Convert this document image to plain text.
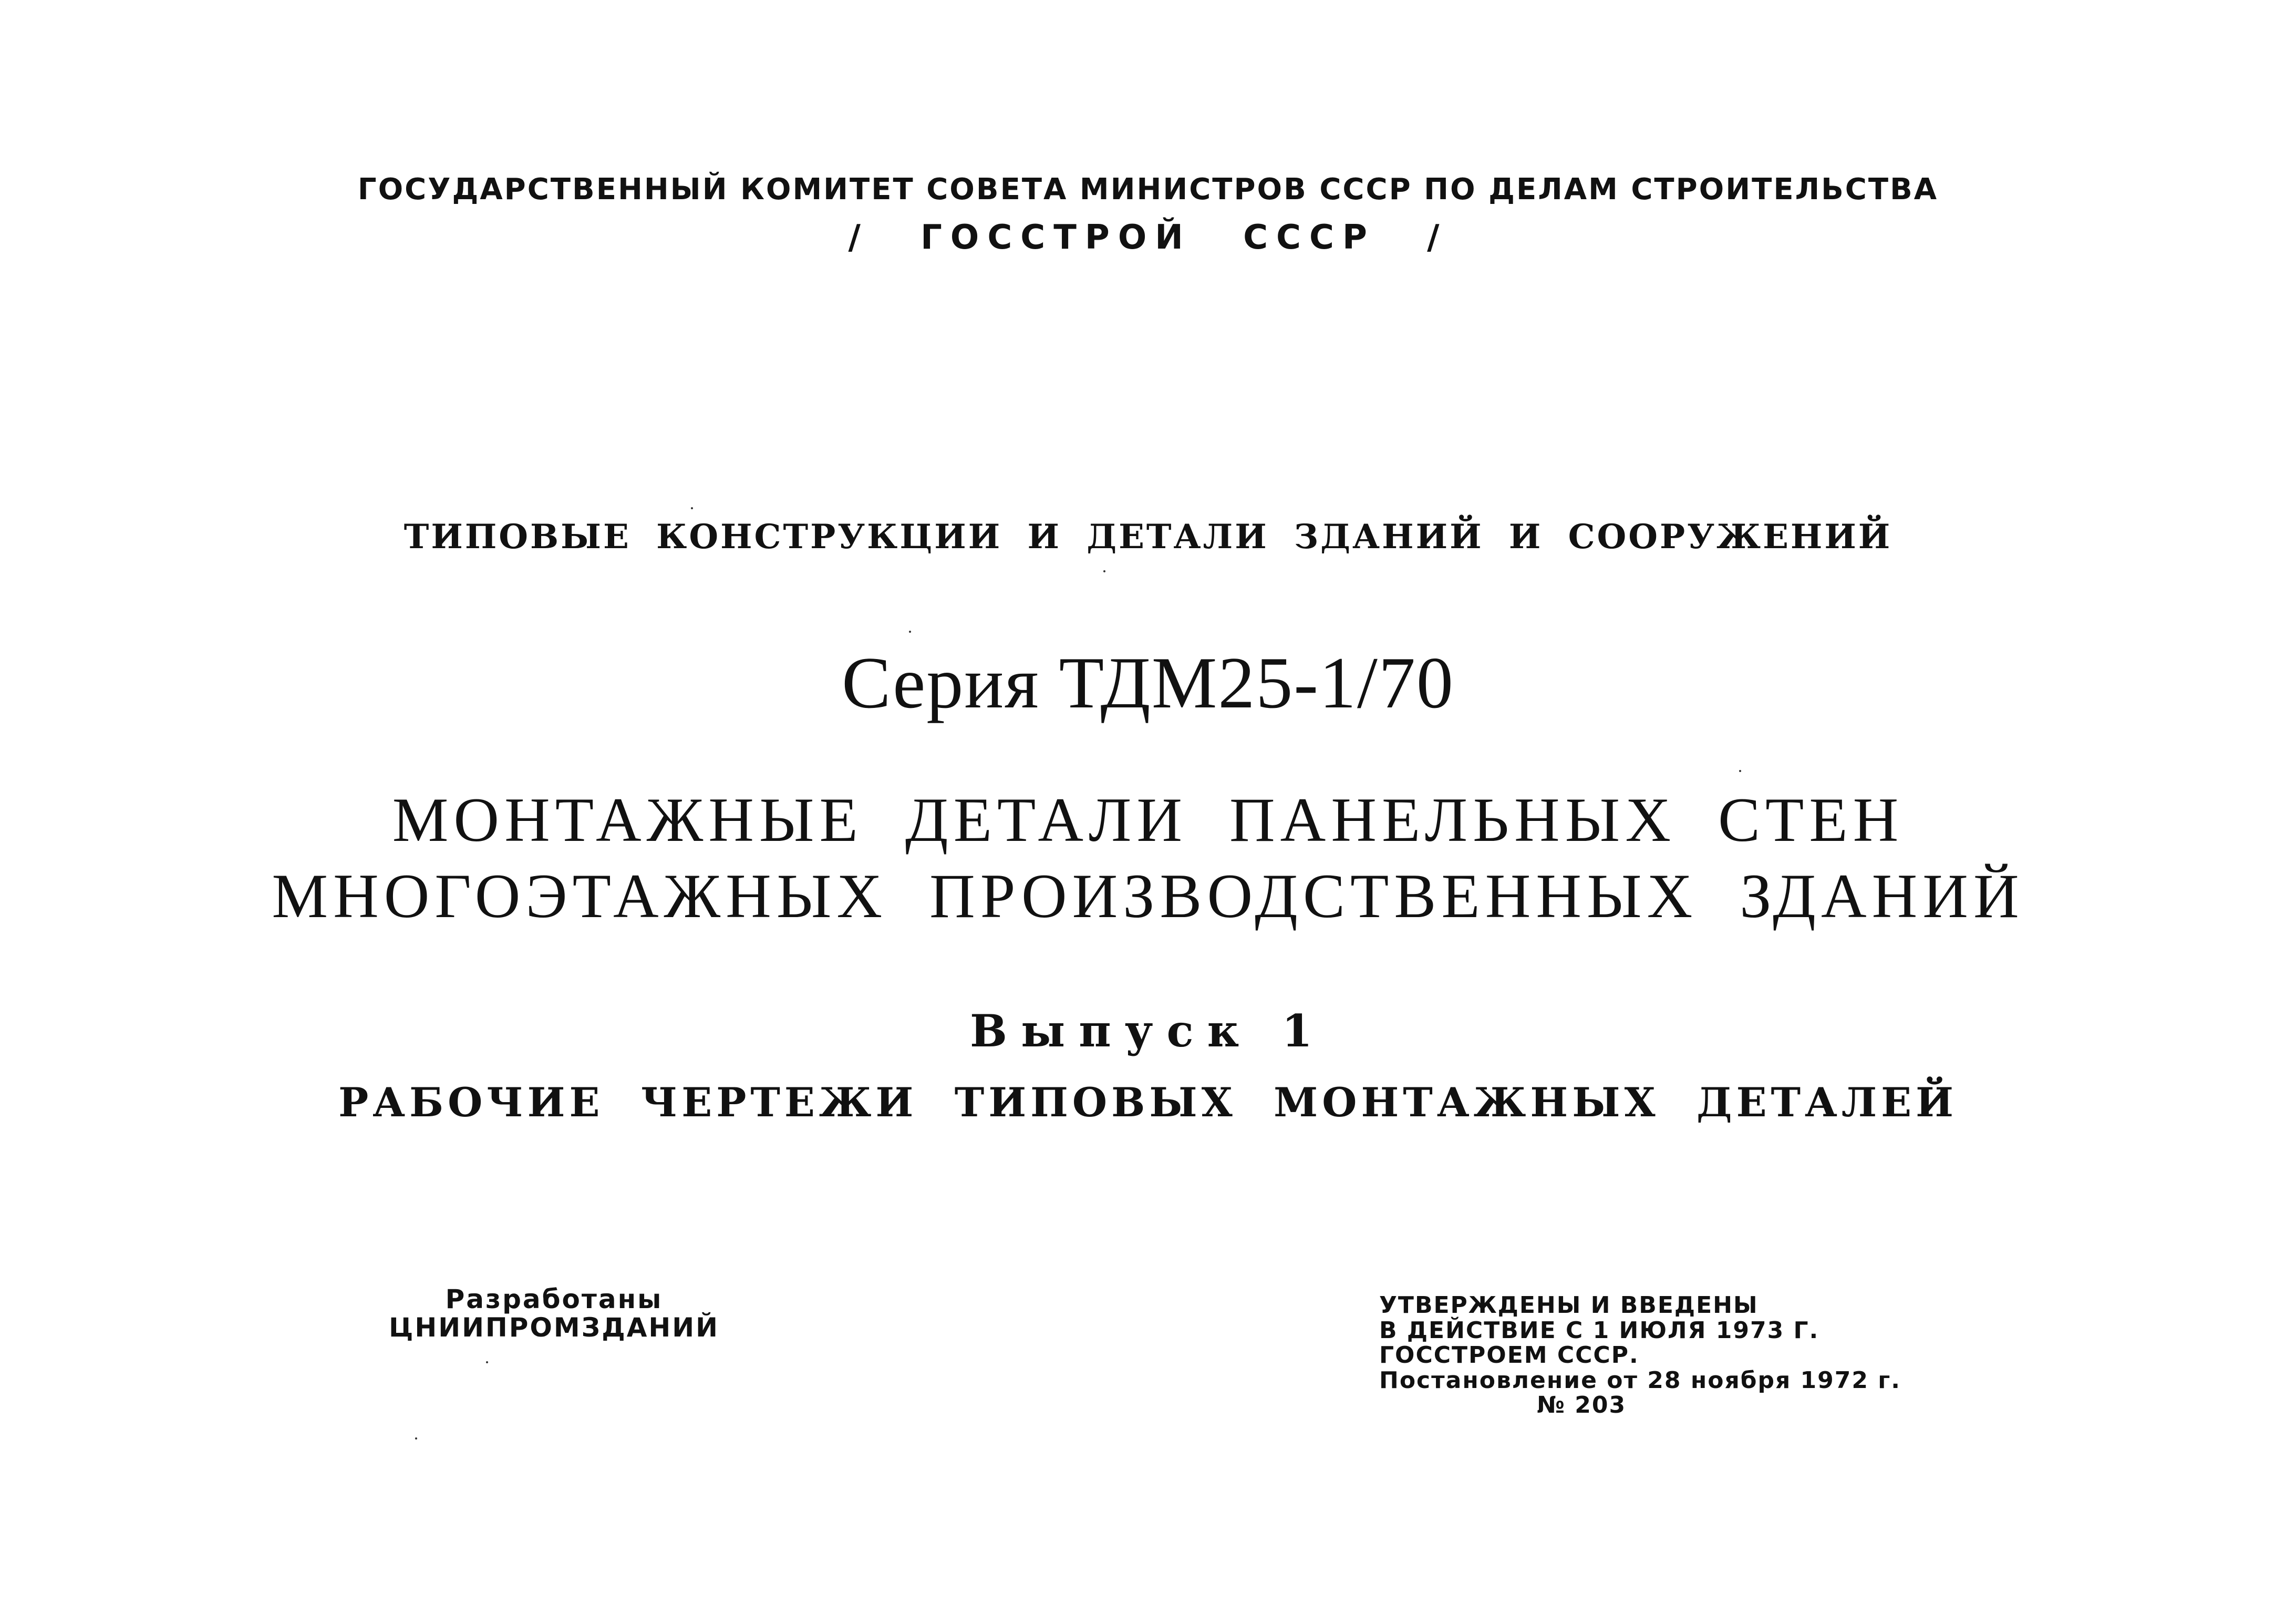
ГОСУДАРСТВЕННЫЙ КОМИТЕТ СОВЕТА МИНИСТРОВ СССР ПО ДЕЛАМ СТРОИТЕЛЬСТВА
/ ГОССТРОЙ СССР /
ТИПОВЫЕ КОНСТРУКЦИИ И ДЕТАЛИ ЗДАНИЙ И СООРУЖЕНИЙ
Серия ТДМ25-1/70
МОНТАЖНЫЕ ДЕТАЛИ ПАНЕЛЬНЫХ СТЕН
МНОГОЭТАЖНЫХ ПРОИЗВОДСТВЕННЫХ ЗДАНИЙ
Выпуск 1
РАБОЧИЕ ЧЕРТЕЖИ ТИПОВЫХ МОНТАЖНЫХ ДЕТАЛЕЙ
Разработаны
ЦНИИПРОМЗДАНИЙ
УТВЕРЖДЕНЫ И ВВЕДЕНЫ
В ДЕЙСТВИЕ С 1 ИЮЛЯ 1973 Г.
ГОССТРОЕМ СССР.
Постановление от 28 ноября 1972 г.
№ 203
